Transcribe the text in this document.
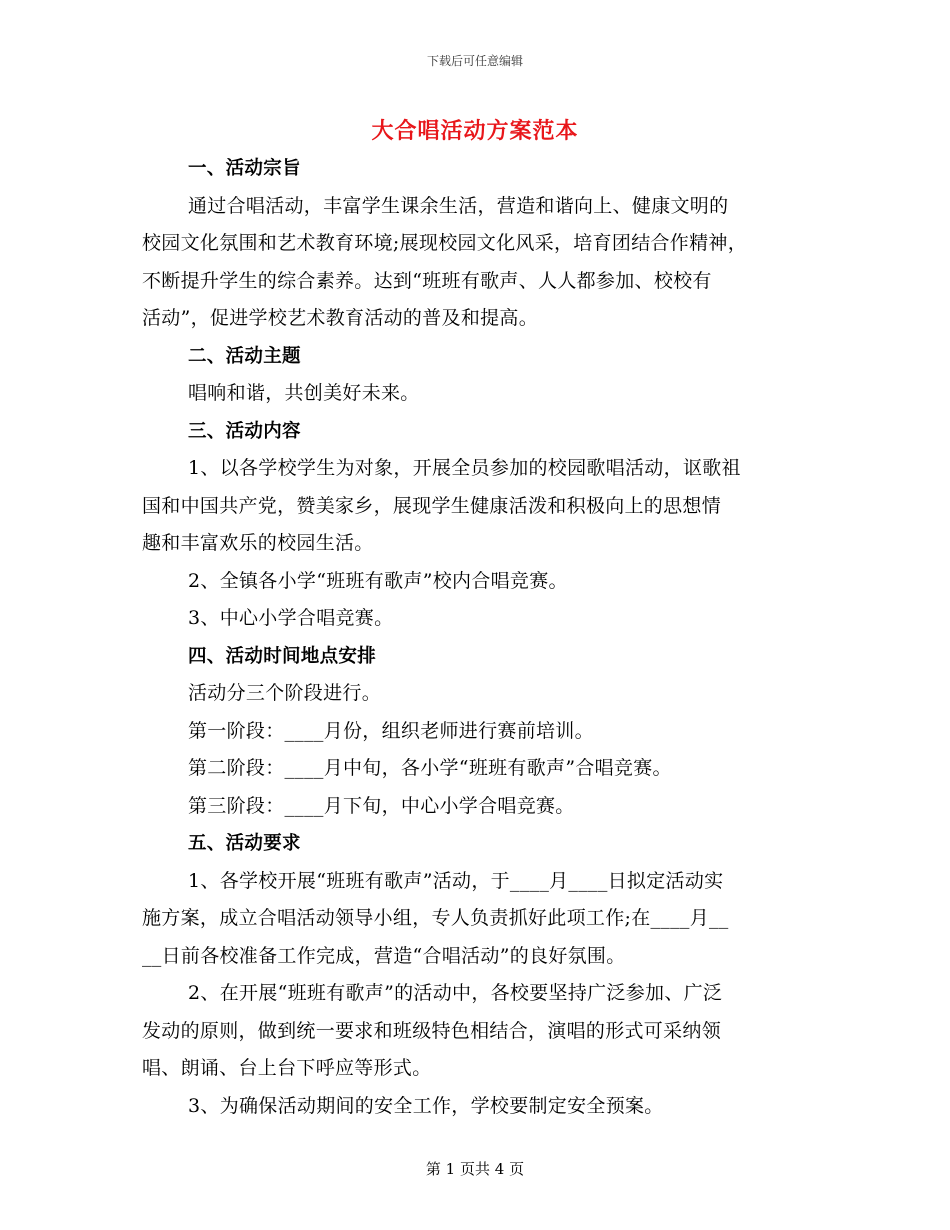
下载后可任意编辑
大合唱活动方案范本
一、活动宗旨
通过合唱活动，丰富学生课余生活，营造和谐向上、健康文明的
校园文化氛围和艺术教育环境;展现校园文化风采，培育团结合作精神，
不断提升学生的综合素养。达到“班班有歌声、人人都参加、校校有
活动”，促进学校艺术教育活动的普及和提高。
二、活动主题
唱响和谐，共创美好未来。
三、活动内容
1、以各学校学生为对象，开展全员参加的校园歌唱活动，讴歌祖
国和中国共产党，赞美家乡，展现学生健康活泼和积极向上的思想情
趣和丰富欢乐的校园生活。
2、全镇各小学“班班有歌声”校内合唱竞赛。
3、中心小学合唱竞赛。
四、活动时间地点安排
活动分三个阶段进行。
第一阶段：____月份，组织老师进行赛前培训。
第二阶段：____月中旬，各小学“班班有歌声”合唱竞赛。
第三阶段：____月下旬，中心小学合唱竞赛。
五、活动要求
1、各学校开展“班班有歌声”活动，于____月____日拟定活动实
施方案，成立合唱活动领导小组，专人负责抓好此项工作;在____月__
__日前各校准备工作完成，营造“合唱活动”的良好氛围。
2、在开展“班班有歌声”的活动中，各校要坚持广泛参加、广泛
发动的原则，做到统一要求和班级特色相结合，演唱的形式可采纳领
唱、朗诵、台上台下呼应等形式。
3、为确保活动期间的安全工作，学校要制定安全预案。
第 1 页共 4 页
